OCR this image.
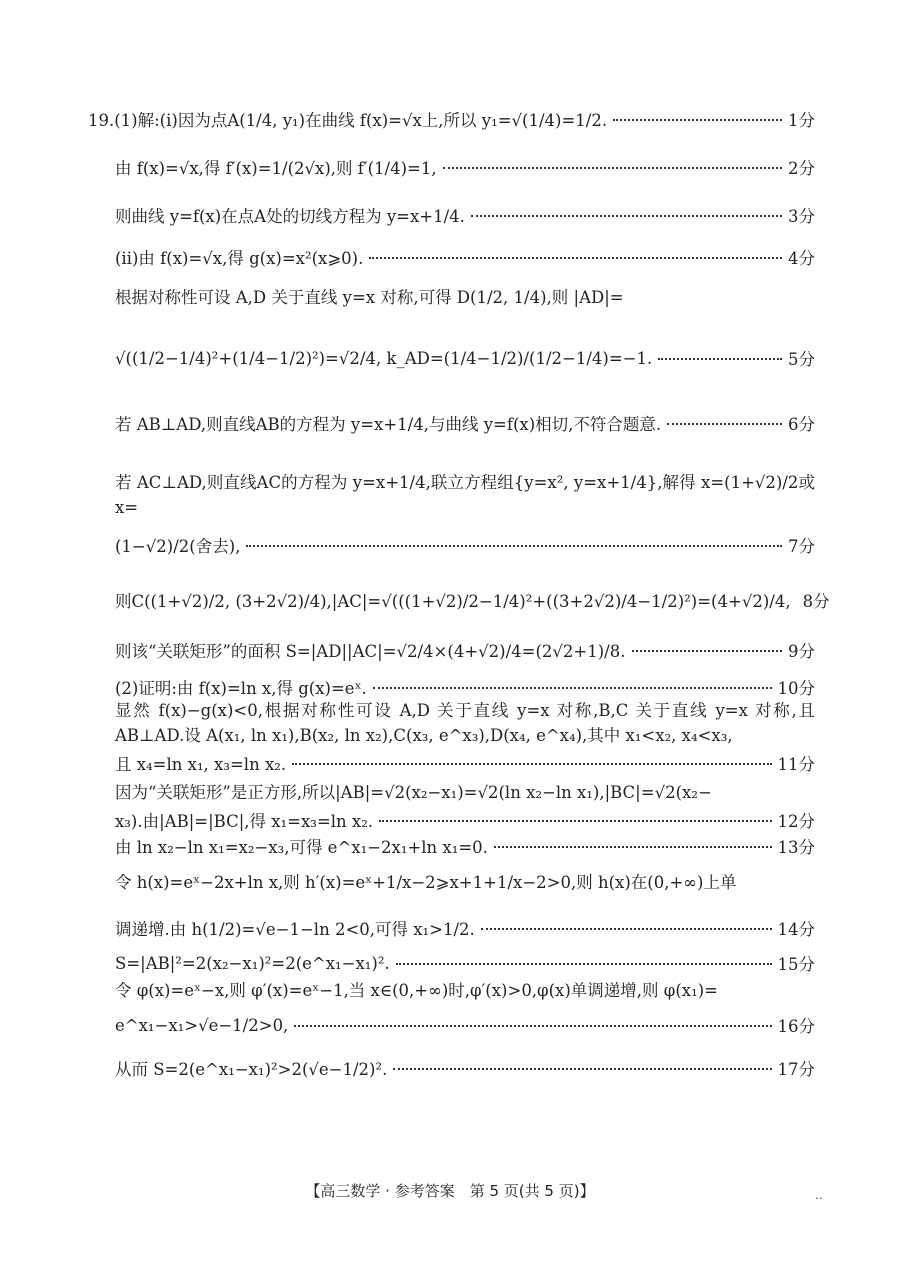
19.(1)解:(ⅰ)因为点A(1/4, y₁)在曲线 f(x)=√x上,所以 y₁=√(1/4)=1/2.	1分
由 f(x)=√x,得 f′(x)=1/(2√x),则 f′(1/4)=1,	2分
则曲线 y=f(x)在点A处的切线方程为 y=x+1/4.	3分
(ⅱ)由 f(x)=√x,得 g(x)=x²(x⩾0).	4分
根据对称性可设 A,D 关于直线 y=x 对称,可得 D(1/2, 1/4),则 |AD|=
√((1/2−1/4)²+(1/4−1/2)²)=√2/4, k_AD=(1/4−1/2)/(1/2−1/4)=−1.	5分
若 AB⊥AD,则直线AB的方程为 y=x+1/4,与曲线 y=f(x)相切,不符合题意.	6分
若 AC⊥AD,则直线AC的方程为 y=x+1/4,联立方程组{y=x², y=x+1/4},解得 x=(1+√2)/2或 x=
(1−√2)/2(舍去),	7分
则C((1+√2)/2, (3+2√2)/4),|AC|=√(((1+√2)/2−1/4)²+((3+2√2)/4−1/2)²)=(4+√2)/4, 8分
则该“关联矩形”的面积 S=|AD||AC|=√2/4×(4+√2)/4=(2√2+1)/8.	9分
(2)证明:由 f(x)=ln x,得 g(x)=eˣ.	10分
显然 f(x)−g(x)<0,根据对称性可设 A,D 关于直线 y=x 对称,B,C 关于直线 y=x 对称,且 AB⊥AD.设 A(x₁, ln x₁),B(x₂, ln x₂),C(x₃, e^x₃),D(x₄, e^x₄),其中 x₁<x₂, x₄<x₃,
且 x₄=ln x₁, x₃=ln x₂.	11分
因为“关联矩形”是正方形,所以|AB|=√2(x₂−x₁)=√2(ln x₂−ln x₁),|BC|=√2(x₂−
x₃).由|AB|=|BC|,得 x₁=x₃=ln x₂.	12分
由 ln x₂−ln x₁=x₂−x₃,可得 e^x₁−2x₁+ln x₁=0.	13分
令 h(x)=eˣ−2x+ln x,则 h′(x)=eˣ+1/x−2⩾x+1+1/x−2>0,则 h(x)在(0,+∞)上单
调递增.由 h(1/2)=√e−1−ln 2<0,可得 x₁>1/2.	14分
S=|AB|²=2(x₂−x₁)²=2(e^x₁−x₁)².	15分
令 φ(x)=eˣ−x,则 φ′(x)=eˣ−1,当 x∈(0,+∞)时,φ′(x)>0,φ(x)单调递增,则 φ(x₁)=
e^x₁−x₁>√e−1/2>0,	16分
从而 S=2(e^x₁−x₁)²>2(√e−1/2)².	17分
【高三数学 · 参考答案　第 5 页(共 5 页)】	..
